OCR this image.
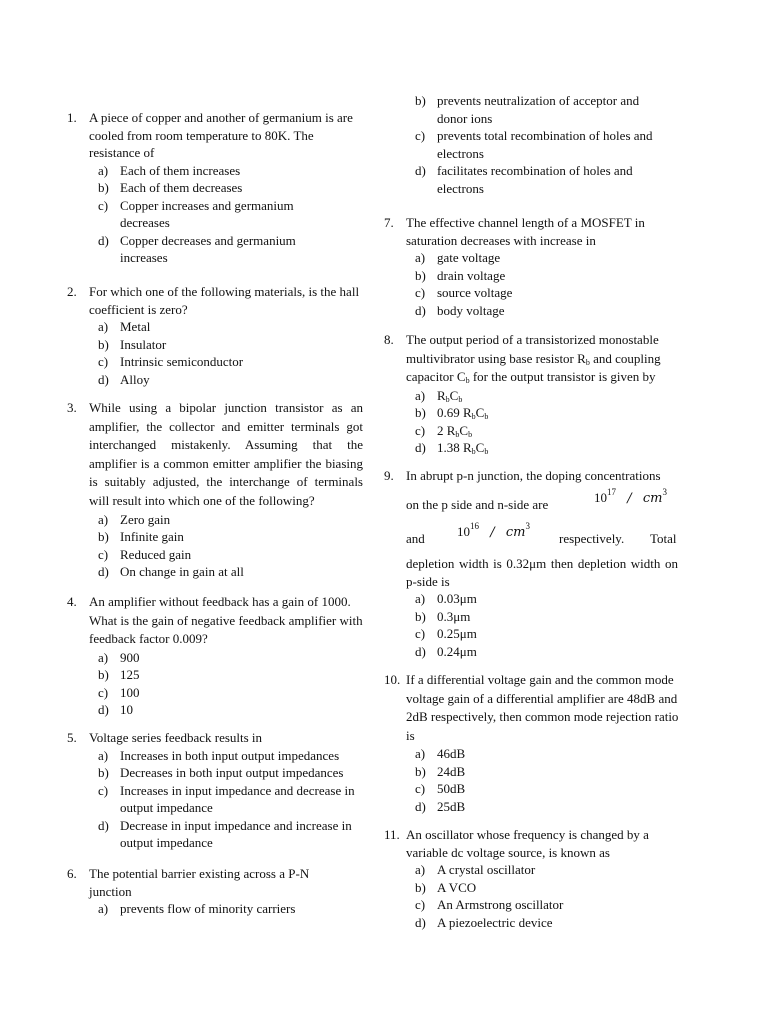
1. A piece of copper and another of germanium is are cooled from room temperature to 80K. The resistance of
a) Each of them increases
b) Each of them decreases
c) Copper increases and germanium decreases
d) Copper decreases and germanium increases
2. For which one of the following materials, is the hall coefficient is zero?
a) Metal
b) Insulator
c) Intrinsic semiconductor
d) Alloy
3. While using a bipolar junction transistor as an amplifier, the collector and emitter terminals got interchanged mistakenly. Assuming that the amplifier is a common emitter amplifier the biasing is suitably adjusted, the interchange of terminals will result into which one of the following?
a) Zero gain
b) Infinite gain
c) Reduced gain
d) On change in gain at all
4. An amplifier without feedback has a gain of 1000. What is the gain of negative feedback amplifier with feedback factor 0.009?
a) 900
b) 125
c) 100
d) 10
5. Voltage series feedback results in
a) Increases in both input output impedances
b) Decreases in both input output impedances
c) Increases in input impedance and decrease in output impedance
d) Decrease in input impedance and increase in output impedance
6. The potential barrier existing across a P-N junction
a) prevents flow of minority carriers
b) prevents neutralization of acceptor and donor ions
c) prevents total recombination of holes and electrons
d) facilitates recombination of holes and electrons
7. The effective channel length of a MOSFET in saturation decreases with increase in
a) gate voltage
b) drain voltage
c) source voltage
d) body voltage
8. The output period of a transistorized monostable multivibrator using base resistor $R_b$ and coupling capacitor $C_b$ for the output transistor is given by
a) $R_bC_b$
b) 0.69 $R_bC_b$
c) 2 $R_bC_b$
d) 1.38 $R_bC_b$
9. In abrupt p-n junction, the doping concentrations
on the p side and n-side are	$10^{17} / cm^3$
and $10^{16} / cm^3$
respectively. Total
depletion width is 0.32μm then depletion width on p-side is
a) 0.03μm
b) 0.3μm
c) 0.25μm
d) 0.24μm
10. If a differential voltage gain and the common mode voltage gain of a differential amplifier are 48dB and 2dB respectively, then common mode rejection ratio is
a) 46dB
b) 24dB
c) 50dB
d) 25dB
11. An oscillator whose frequency is changed by a variable dc voltage source, is known as
a) A crystal oscillator
b) A VCO
c) An Armstrong oscillator
d) A piezoelectric device
